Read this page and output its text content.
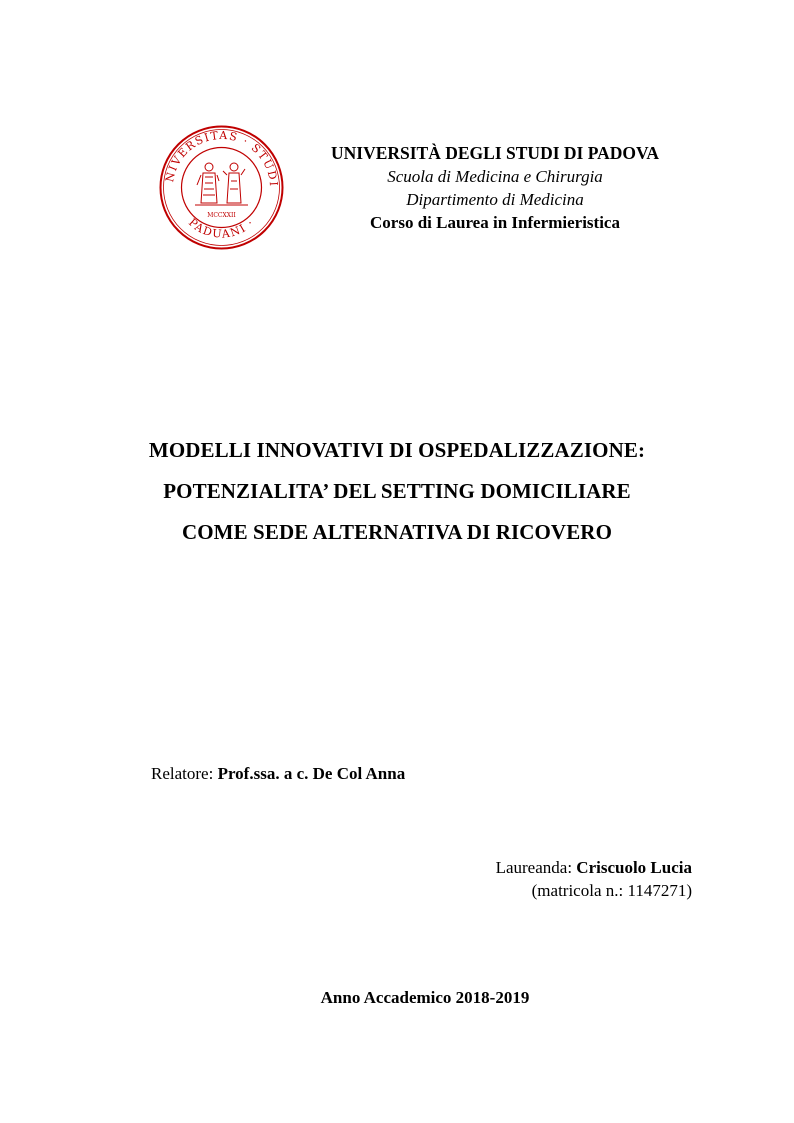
NIVERSITAS · STUDI
PADUANI ·
MCCXXII
UNIVERSITÀ DEGLI STUDI DI PADOVA
Scuola di Medicina e Chirurgia
Dipartimento di Medicina
Corso di Laurea in Infermieristica
MODELLI INNOVATIVI DI OSPEDALIZZAZIONE:
POTENZIALITA’ DEL SETTING DOMICILIARE
COME SEDE ALTERNATIVA DI RICOVERO
Relatore: Prof.ssa. a c. De Col Anna
Laureanda: Criscuolo Lucia
(matricola n.: 1147271)
Anno Accademico 2018-2019
